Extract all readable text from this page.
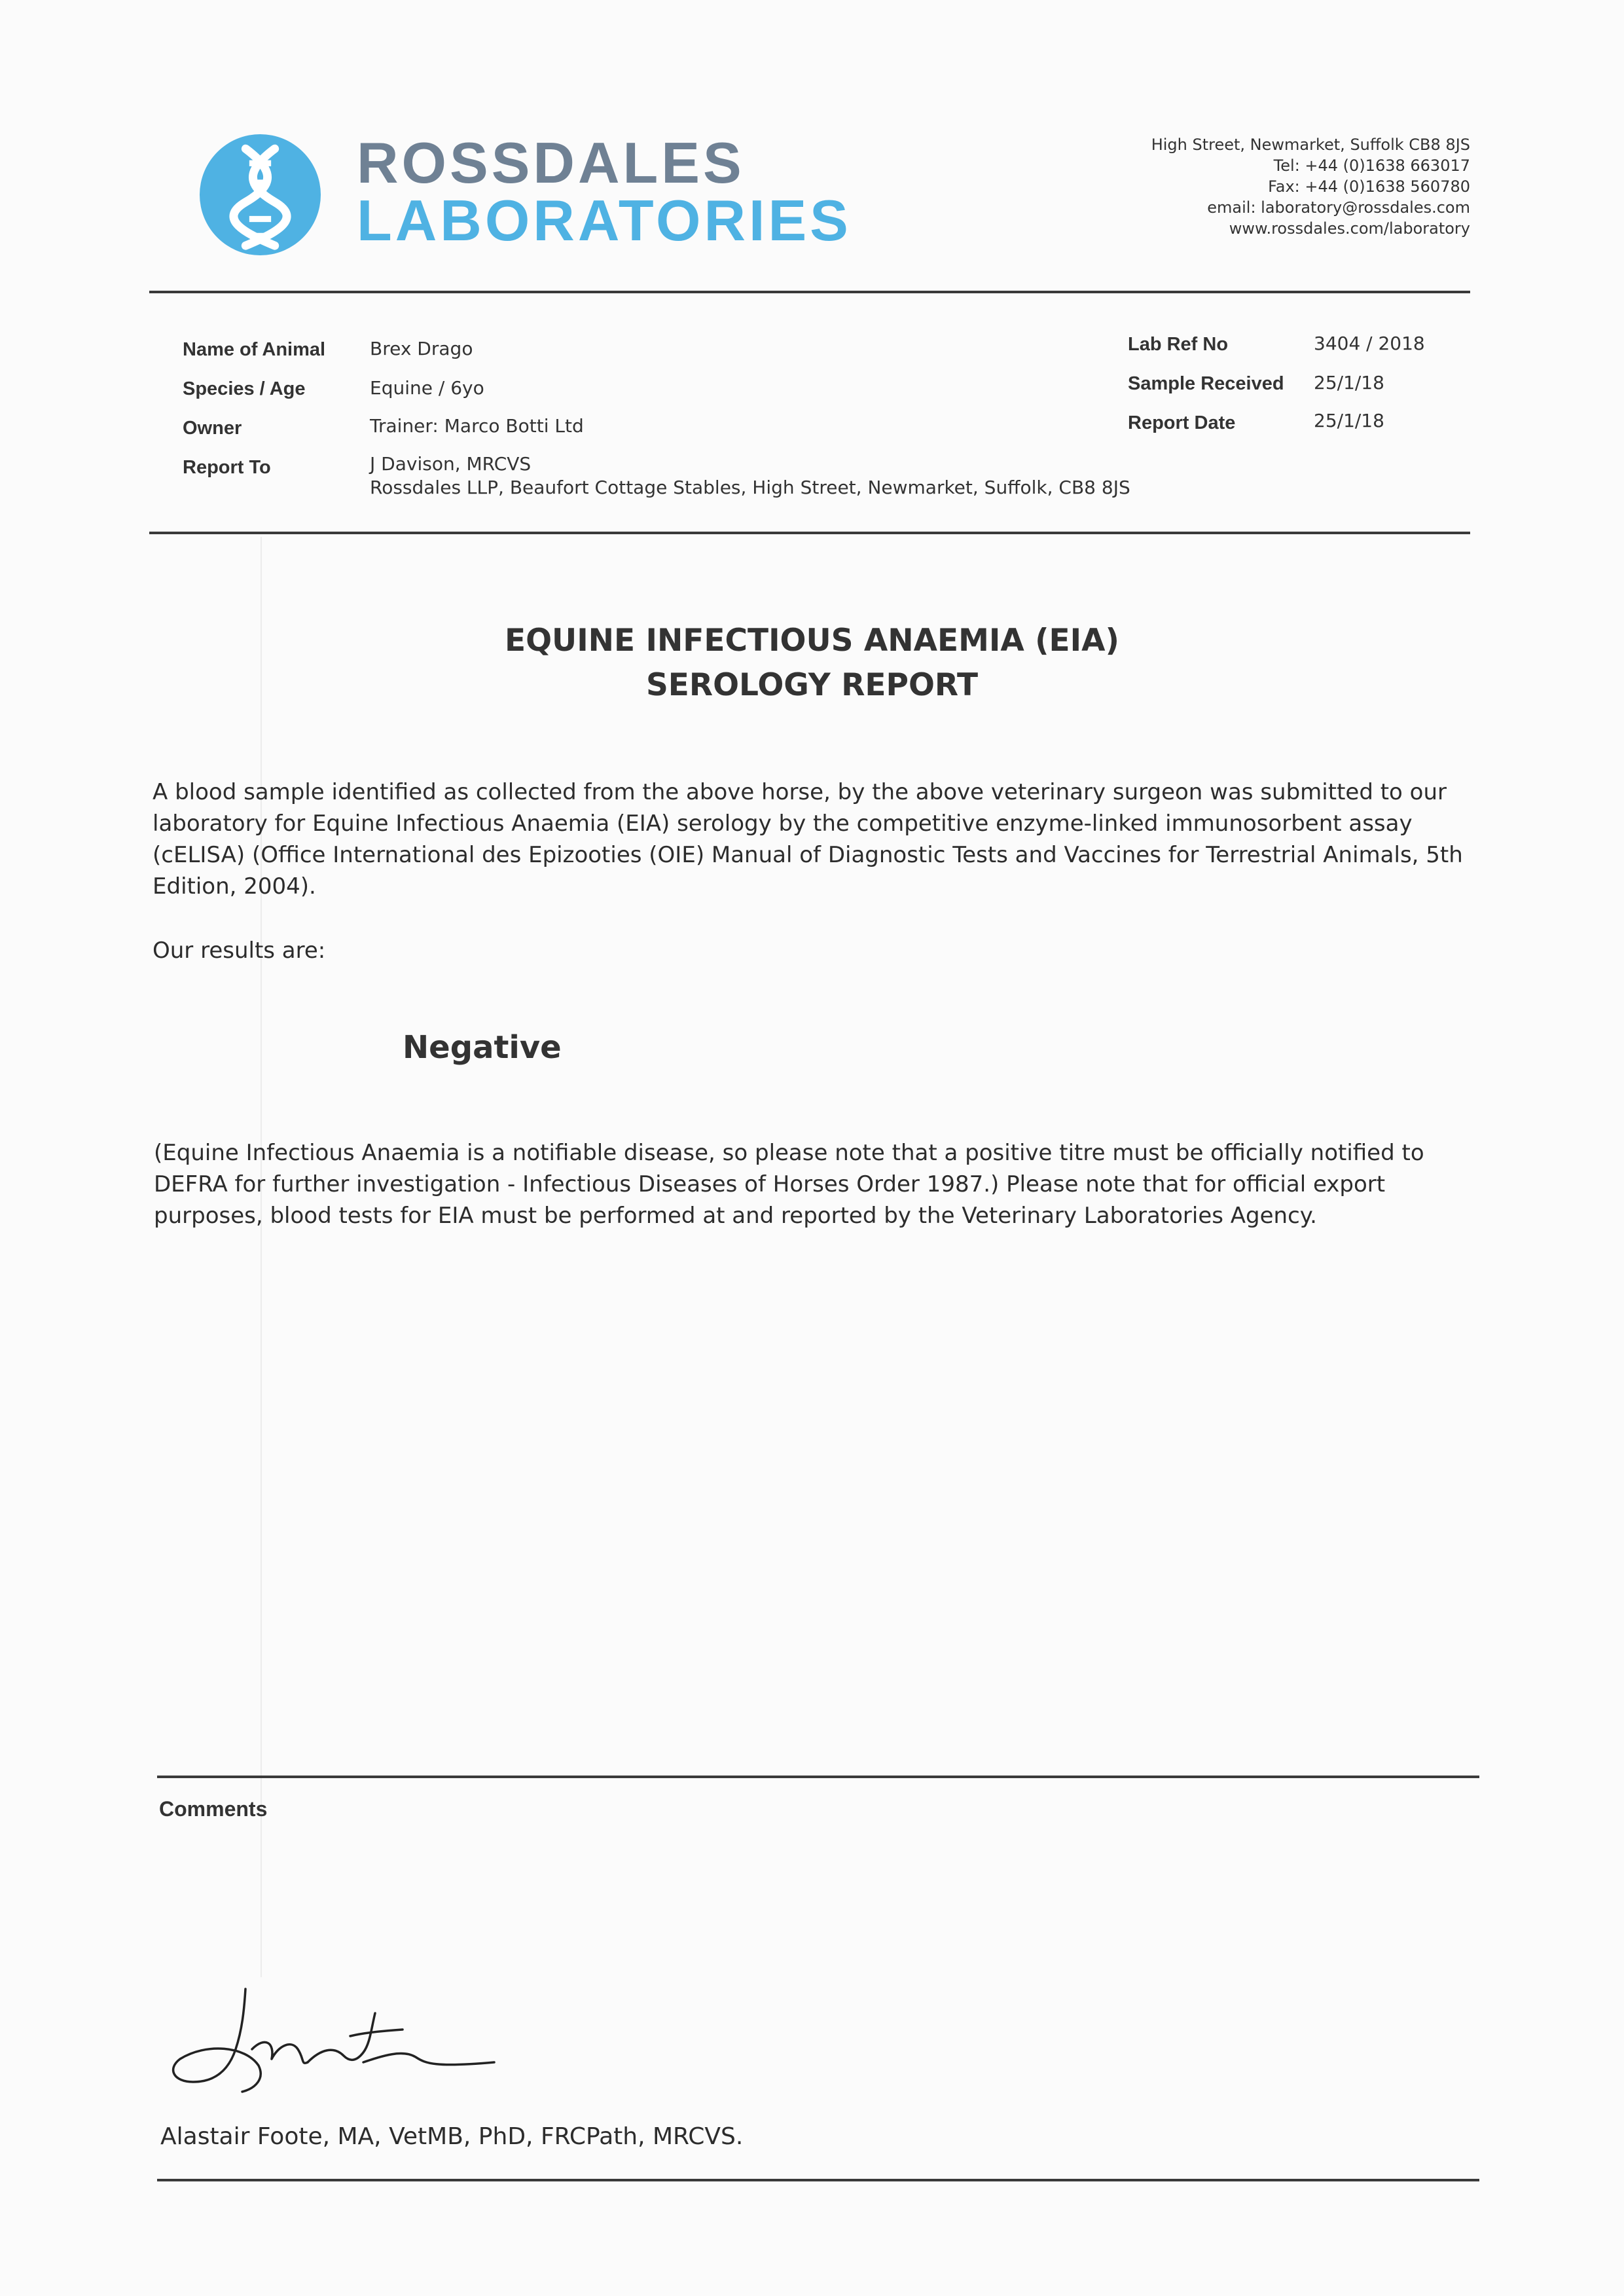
ROSSDALES
LABORATORIES
High Street, Newmarket, Suffolk CB8 8JS
Tel: +44 (0)1638 663017
Fax: +44 (0)1638 560780
email: laboratory@rossdales.com
www.rossdales.com/laboratory
Name of Animal Brex Drago
Species / Age	Equine / 6yo
Owner	Trainer: Marco Botti Ltd
Report To	J Davison, MRCVS
Rossdales LLP, Beaufort Cottage Stables, High Street, Newmarket, Suffolk, CB8 8JS
Lab Ref No	3404 / 2018
Sample Received 25/1/18
Report Date	25/1/18
EQUINE INFECTIOUS ANAEMIA (EIA)
SEROLOGY REPORT
A blood sample identified as collected from the above horse, by the above veterinary surgeon was submitted to our
laboratory for Equine Infectious Anaemia (EIA) serology by the competitive enzyme-linked immunosorbent assay
(cELISA) (Office International des Epizooties (OIE) Manual of Diagnostic Tests and Vaccines for Terrestrial Animals, 5th
Edition, 2004).
Our results are:
Negative
(Equine Infectious Anaemia is a notifiable disease, so please note that a positive titre must be officially notified to
DEFRA for further investigation - Infectious Diseases of Horses Order 1987.) Please note that for official export
purposes, blood tests for EIA must be performed at and reported by the Veterinary Laboratories Agency.
Comments
Alastair Foote, MA, VetMB, PhD, FRCPath, MRCVS.
